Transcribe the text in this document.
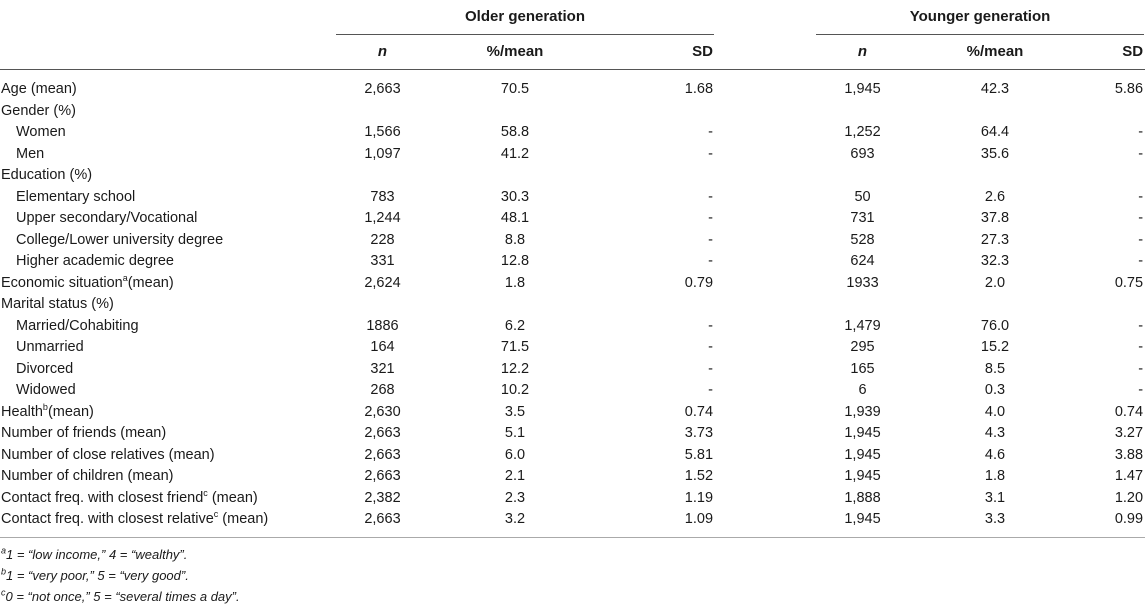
	Older generation				Younger generation		

	n	%/mean	SD		n	%/mean	SD
Age (mean)	2,663	70.5	1.68		1,945	42.3	5.86
Gender (%)							
Women	1,566	58.8	-		1,252	64.4	-
Men	1,097	41.2	-		693	35.6	-
Education (%)							
Elementary school	783	30.3	-		50	2.6	-
Upper secondary/Vocational	1,244	48.1	-		731	37.8	-
College/Lower university degree	228	8.8	-		528	27.3	-
Higher academic degree	331	12.8	-		624	32.3	-
Economic situation$^a$(mean)	2,624	1.8	0.79		1933	2.0	0.75
Marital status (%)							
Married/Cohabiting	1886	6.2	-		1,479	76.0	-
Unmarried	164	71.5	-		295	15.2	-
Divorced	321	12.2	-		165	8.5	-
Widowed	268	10.2	-		6	0.3	-
Health$^b$(mean)	2,630	3.5	0.74		1,939	4.0	0.74
Number of friends (mean)	2,663	5.1	3.73		1,945	4.3	3.27
Number of close relatives (mean)	2,663	6.0	5.81		1,945	4.6	3.88
Number of children (mean)	2,663	2.1	1.52		1,945	1.8	1.47
Contact freq. with closest friend$^c$ (mean)	2,382	2.3	1.19		1,888	3.1	1.20
Contact freq. with closest relative$^c$ (mean)	2,663	3.2	1.09		1,945	3.3	0.99
$^a$1 = “low income,” 4 = “wealthy”.
$^b$1 = “very poor,” 5 = “very good”.
$^c$0 = “not once,” 5 = “several times a day”.
